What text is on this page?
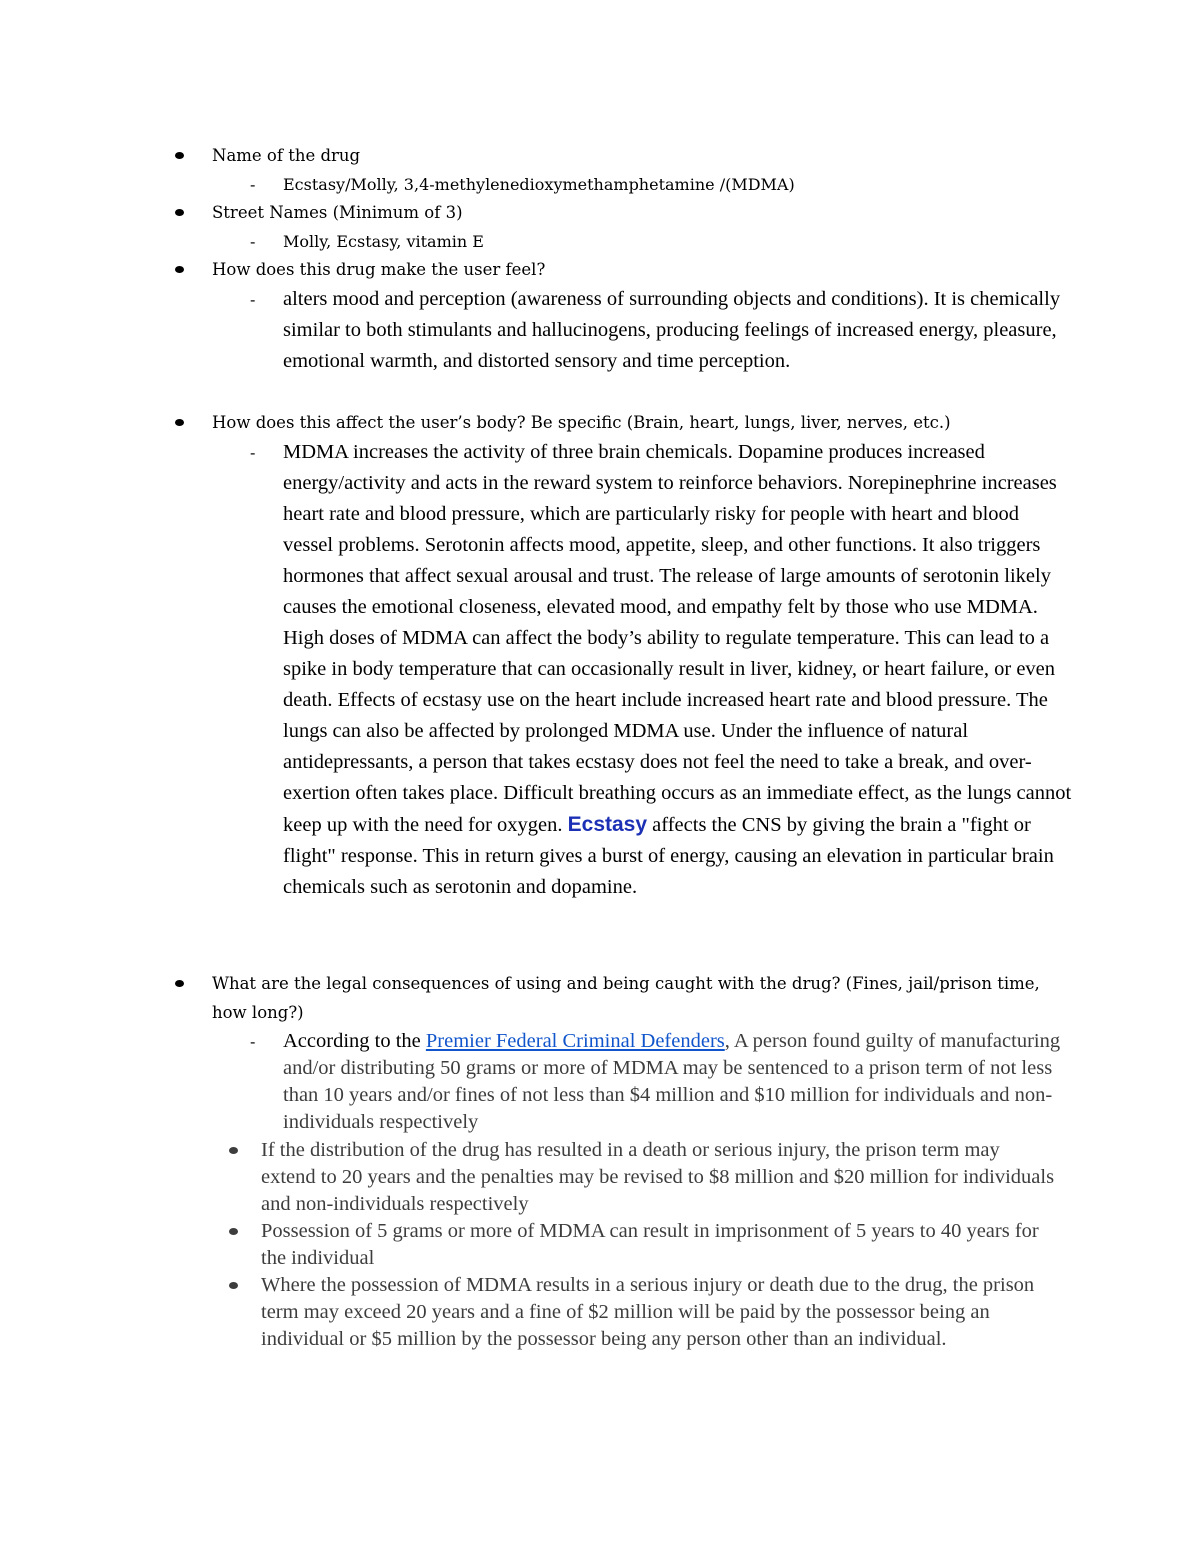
Name of the drug
- Ecstasy/Molly, 3,4-methylenedioxymethamphetamine /(MDMA)
Street Names (Minimum of 3)
- Molly, Ecstasy, vitamin E
How does this drug make the user feel?
- alters mood and perception (awareness of surrounding objects and conditions). It is chemically similar to both stimulants and hallucinogens, producing feelings of increased energy, pleasure, emotional warmth, and distorted sensory and time perception.
How does this affect the user’s body? Be specific (Brain, heart, lungs, liver, nerves, etc.)
- MDMA increases the activity of three brain chemicals. Dopamine produces increased energy/activity and acts in the reward system to reinforce behaviors. Norepinephrine increases heart rate and blood pressure, which are particularly risky for people with heart and blood vessel problems. Serotonin affects mood, appetite, sleep, and other functions. It also triggers hormones that affect sexual arousal and trust. The release of large amounts of serotonin likely causes the emotional closeness, elevated mood, and empathy felt by those who use MDMA. High doses of MDMA can affect the body’s ability to regulate temperature. This can lead to a spike in body temperature that can occasionally result in liver, kidney, or heart failure, or even death. Effects of ecstasy use on the heart include increased heart rate and blood pressure. The lungs can also be affected by prolonged MDMA use. Under the influence of natural antidepressants, a person that takes ecstasy does not feel the need to take a break, and over-exertion often takes place. Difficult breathing occurs as an immediate effect, as the lungs cannot keep up with the need for oxygen. Ecstasy affects the CNS by giving the brain a "fight or flight" response. This in return gives a burst of energy, causing an elevation in particular brain chemicals such as serotonin and dopamine.
What are the legal consequences of using and being caught with the drug? (Fines, jail/prison time, how long?)
- According to the Premier Federal Criminal Defenders, A person found guilty of manufacturing and/or distributing 50 grams or more of MDMA may be sentenced to a prison term of not less than 10 years and/or fines of not less than $4 million and $10 million for individuals and non-individuals respectively
If the distribution of the drug has resulted in a death or serious injury, the prison term may extend to 20 years and the penalties may be revised to $8 million and $20 million for individuals and non-individuals respectively
Possession of 5 grams or more of MDMA can result in imprisonment of 5 years to 40 years for the individual
Where the possession of MDMA results in a serious injury or death due to the drug, the prison term may exceed 20 years and a fine of $2 million will be paid by the possessor being an individual or $5 million by the possessor being any person other than an individual.
